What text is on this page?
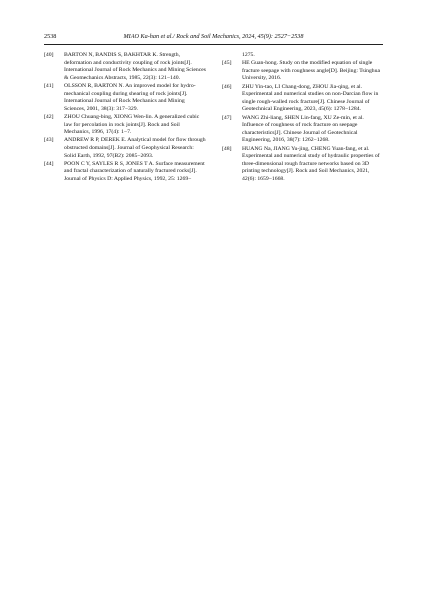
2538	MIAO Ka-han et al./ Rock and Soil Mechanics, 2024, 45(9): 2527−2538
[40] BARTON N, BANDIS S, BAKHTAR K. Strength, deformation and conductivity coupling of rock joints[J]. International Journal of Rock Mechanics and Mining Sciences & Geomechanics Abstracts, 1985, 22(3): 121−140.
[41] OLSSON R, BARTON N. An improved model for hydro-mechanical coupling during shearing of rock joints[J]. International Journal of Rock Mechanics and Mining Sciences, 2001, 38(3): 317−329.
[42] ZHOU Chuang-bing, XIONG Wen-lin. A generalized cubic law for percolation in rock joints[J]. Rock and Soil Mechanics, 1996, 17(4): 1−7.
[43] ANDREW R P, DEREK E. Analytical model for flow through obstructed domains[J]. Journal of Geophysical Research: Solid Earth, 1992, 97(B2): 2085−2093.
[44] POON C Y, SAYLES R S, JONES T A. Surface measurement and fractal characterization of naturally fractured rocks[J]. Journal of Physics D: Applied Physics, 1992, 25: 1269−
1275.
[45] HE Guan-hong. Study on the modified equation of single fracture seepage with roughness angle[D]. Beijing: Tsinghua University, 2016.
[46] ZHU Yin-tao, LI Chang-dong, ZHOU Jia-qing, et al. Experimental and numerical studies on non-Darcian flow in single rough-walled rock fracture[J]. Chinese Journal of Geotechnical Engineering, 2023, 45(6): 1278−1284.
[47] WANG Zhi-liang, SHEN Lin-fang, XU Ze-min, et al. Influence of roughness of rock fracture on seepage characteristics[J]. Chinese Journal of Geotechnical Engineering, 2016, 38(7): 1262−1268.
[48] HUANG Na, JIANG Yu-jing, CHENG Yuan-fang, et al. Experimental and numerical study of hydraulic properties of three-dimensional rough fracture networks based on 3D printing technology[J]. Rock and Soil Mechanics, 2021, 42(6): 1659−1668.
